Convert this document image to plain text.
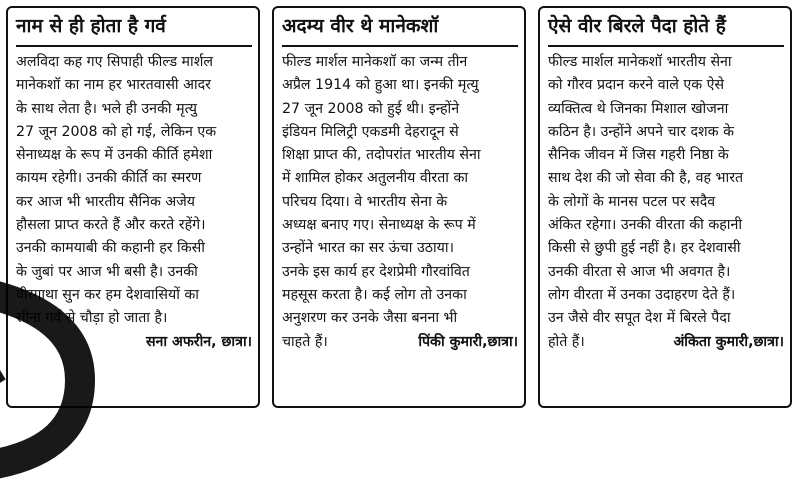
नाम से ही होता है गर्व

अलविदा कह गए सिपाही फील्ड मार्शल
मानेकशॉ का नाम हर भारतवासी आदर
के साथ लेता है। भले ही उनकी मृत्यु
27 जून 2008 को हो गई, लेकिन एक
सेनाध्यक्ष के रूप में उनकी कीर्ति हमेशा
कायम रहेगी। उनकी कीर्ति का स्मरण
कर आज भी भारतीय सैनिक अजेय
हौसला प्राप्त करते हैं और करते रहेंगे।
उनकी कामयाबी की कहानी हर किसी
के जुबां पर आज भी बसी है। उनकी
वीरगाथा सुन कर हम देशवासियों का
सीना गर्व से चौड़ा हो जाता है।
सना अफरीन, छात्रा।

अदम्य वीर थे मानेकशॉ

फील्ड मार्शल मानेकशॉ का जन्म तीन
अप्रैल 1914 को हुआ था। इनकी मृत्यु
27 जून 2008 को हुई थी। इन्होंने
इंडियन मिलिट्री एकडमी देहरादून से
शिक्षा प्राप्त की, तदोपरांत भारतीय सेना
में शामिल होकर अतुलनीय वीरता का
परिचय दिया। वे भारतीय सेना के
अध्यक्ष बनाए गए। सेनाध्यक्ष के रूप में
उन्होंने भारत का सर ऊंचा उठाया।
उनके इस कार्य हर देशप्रेमी गौरवांवित
महसूस करता है। कई लोग तो उनका
अनुशरण कर उनके जैसा बनना भी
चाहते हैं।	पिंकी कुमारी,छात्रा।

ऐसे वीर बिरले पैदा होते हैं

फील्ड मार्शल मानेकशॉ भारतीय सेना
को गौरव प्रदान करने वाले एक ऐसे
व्यक्तित्व थे जिनका मिशाल खोजना
कठिन है। उन्होंने अपने चार दशक के
सैनिक जीवन में जिस गहरी निष्ठा के
साथ देश की जो सेवा की है, वह भारत
के लोगों के मानस पटल पर सदैव
अंकित रहेगा। उनकी वीरता की कहानी
किसी से छुपी हुई नहीं है। हर देशवासी
उनकी वीरता से आज भी अवगत है।
लोग वीरता में उनका उदाहरण देते हैं।
उन जैसे वीर सपूत देश में बिरले पैदा
होते हैं।	अंकिता कुमारी,छात्रा।
